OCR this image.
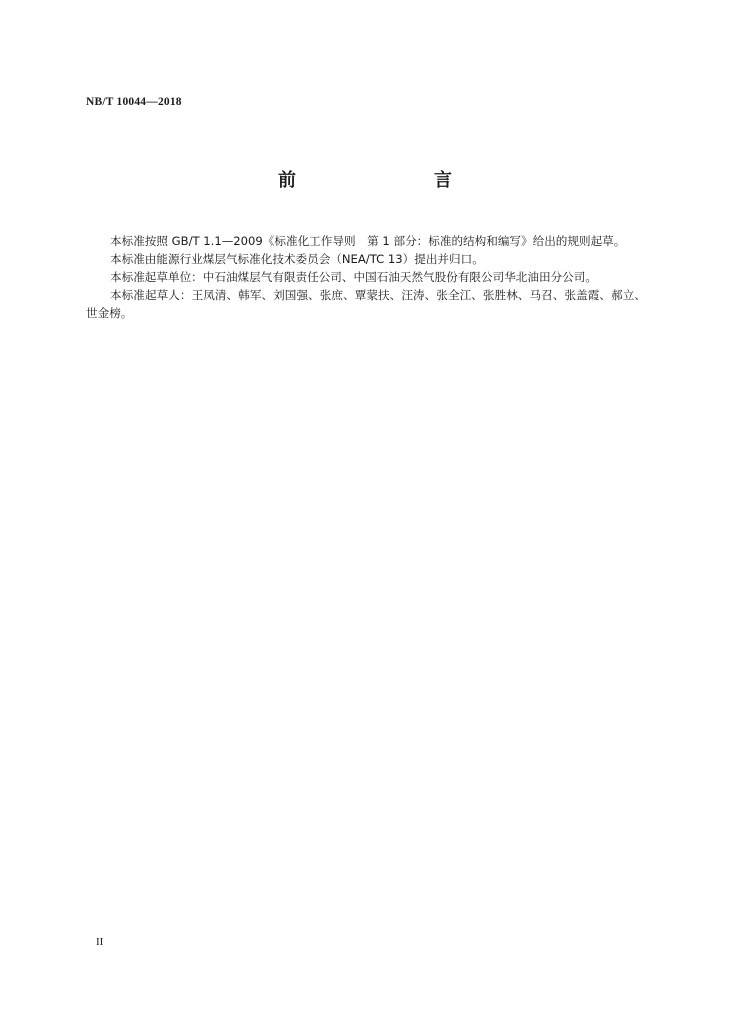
NB/T 10044—2018
前　　言

本标准按照 GB/T 1.1—2009《标准化工作导则　第 1 部分：标准的结构和编写》给出的规则起草。

本标准由能源行业煤层气标准化技术委员会（NEA/TC 13）提出并归口。

本标准起草单位：中石油煤层气有限责任公司、中国石油天然气股份有限公司华北油田分公司。

本标准起草人：王凤清、韩军、刘国强、张庶、覃蒙扶、汪涛、张全江、张胜林、马召、张盖霞、郝立、世金榜。

II
